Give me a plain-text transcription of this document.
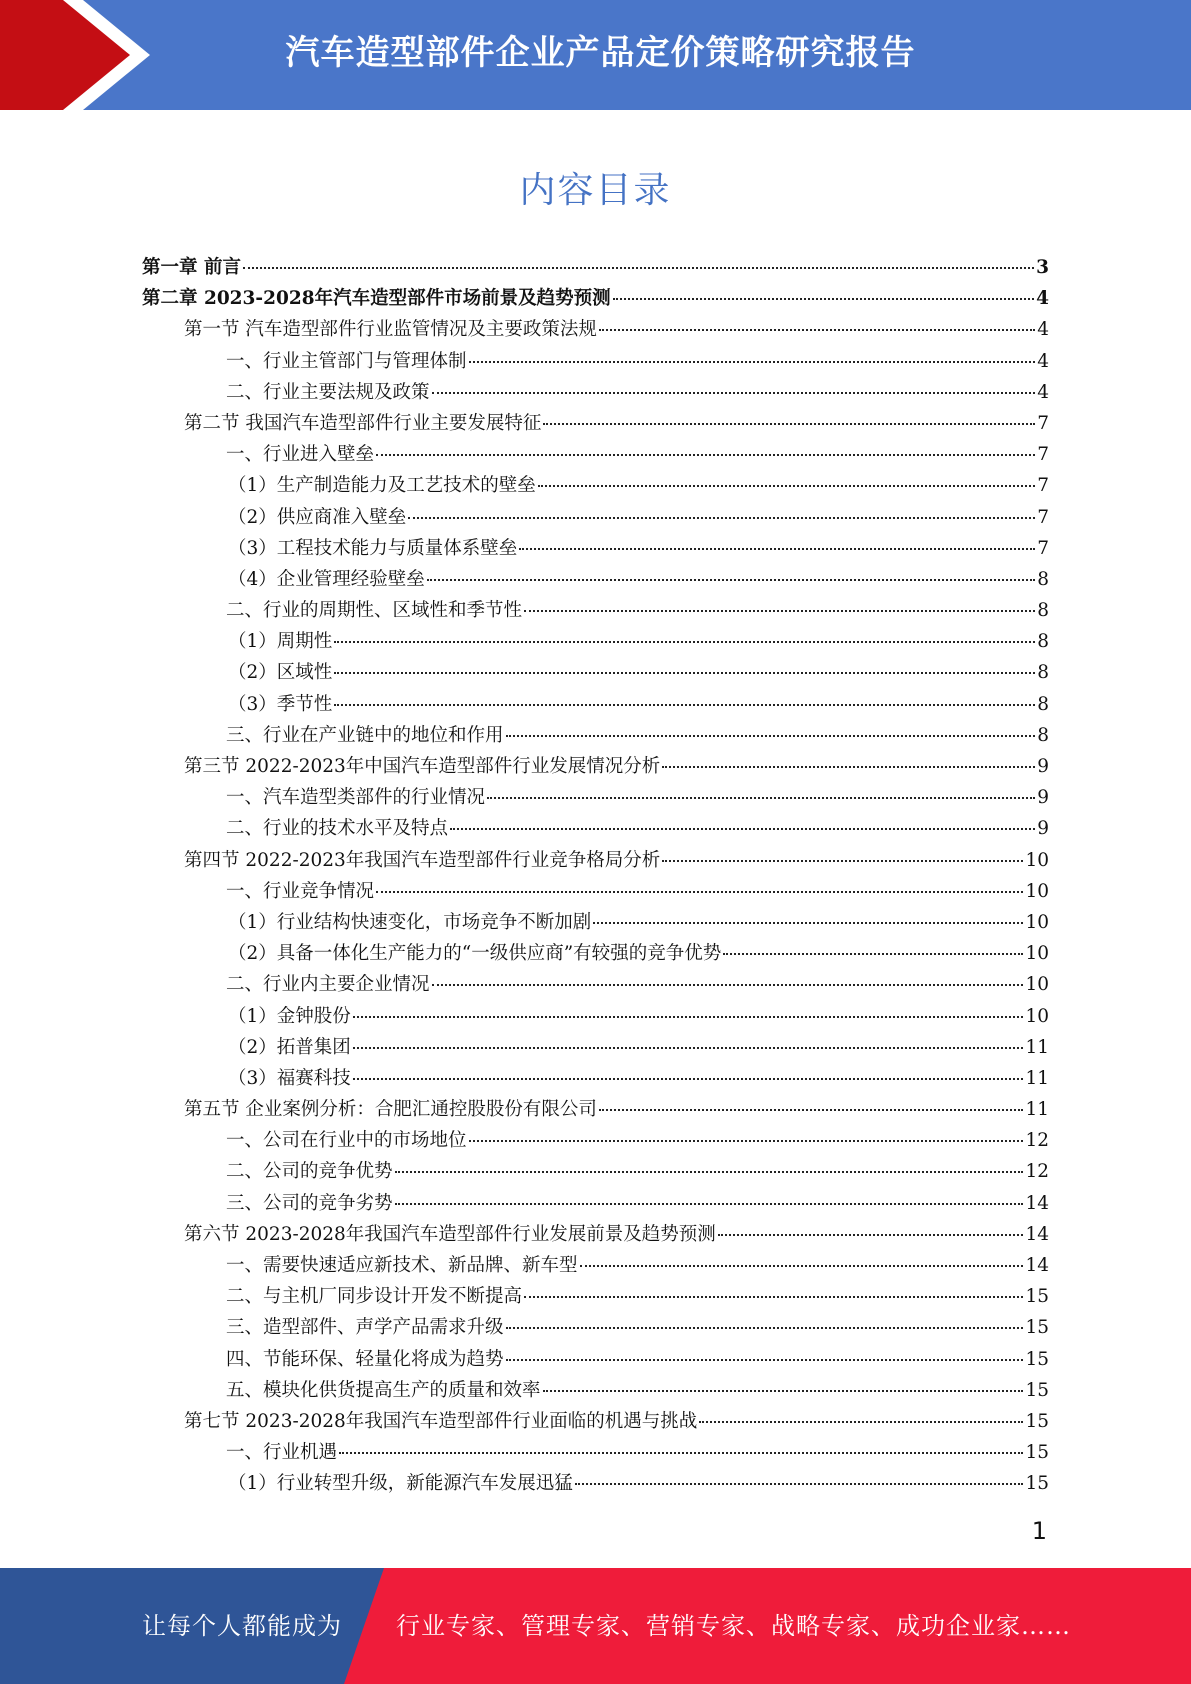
汽车造型部件企业产品定价策略研究报告
内容目录
第一章 前言	3
第二章 2023-2028年汽车造型部件市场前景及趋势预测	4
第一节 汽车造型部件行业监管情况及主要政策法规	4
一、行业主管部门与管理体制	4
二、行业主要法规及政策	4
第二节 我国汽车造型部件行业主要发展特征	7
一、行业进入壁垒	7
（1）生产制造能力及工艺技术的壁垒	7
（2）供应商准入壁垒	7
（3）工程技术能力与质量体系壁垒	7
（4）企业管理经验壁垒	8
二、行业的周期性、区域性和季节性	8
（1）周期性	8
（2）区域性	8
（3）季节性	8
三、行业在产业链中的地位和作用	8
第三节 2022-2023年中国汽车造型部件行业发展情况分析	9
一、汽车造型类部件的行业情况	9
二、行业的技术水平及特点	9
第四节 2022-2023年我国汽车造型部件行业竞争格局分析	10
一、行业竞争情况	10
（1）行业结构快速变化，市场竞争不断加剧	10
（2）具备一体化生产能力的“一级供应商”有较强的竞争优势	10
二、行业内主要企业情况	10
（1）金钟股份	10
（2）拓普集团	11
（3）福赛科技	11
第五节 企业案例分析：合肥汇通控股股份有限公司	11
一、公司在行业中的市场地位	12
二、公司的竞争优势	12
三、公司的竞争劣势	14
第六节 2023-2028年我国汽车造型部件行业发展前景及趋势预测	14
一、需要快速适应新技术、新品牌、新车型	14
二、与主机厂同步设计开发不断提高	15
三、造型部件、声学产品需求升级	15
四、节能环保、轻量化将成为趋势	15
五、模块化供货提高生产的质量和效率	15
第七节 2023-2028年我国汽车造型部件行业面临的机遇与挑战	15
一、行业机遇	15
（1）行业转型升级，新能源汽车发展迅猛	15
1
让每个人都能成为 行业专家、管理专家、营销专家、战略专家、成功企业家……
